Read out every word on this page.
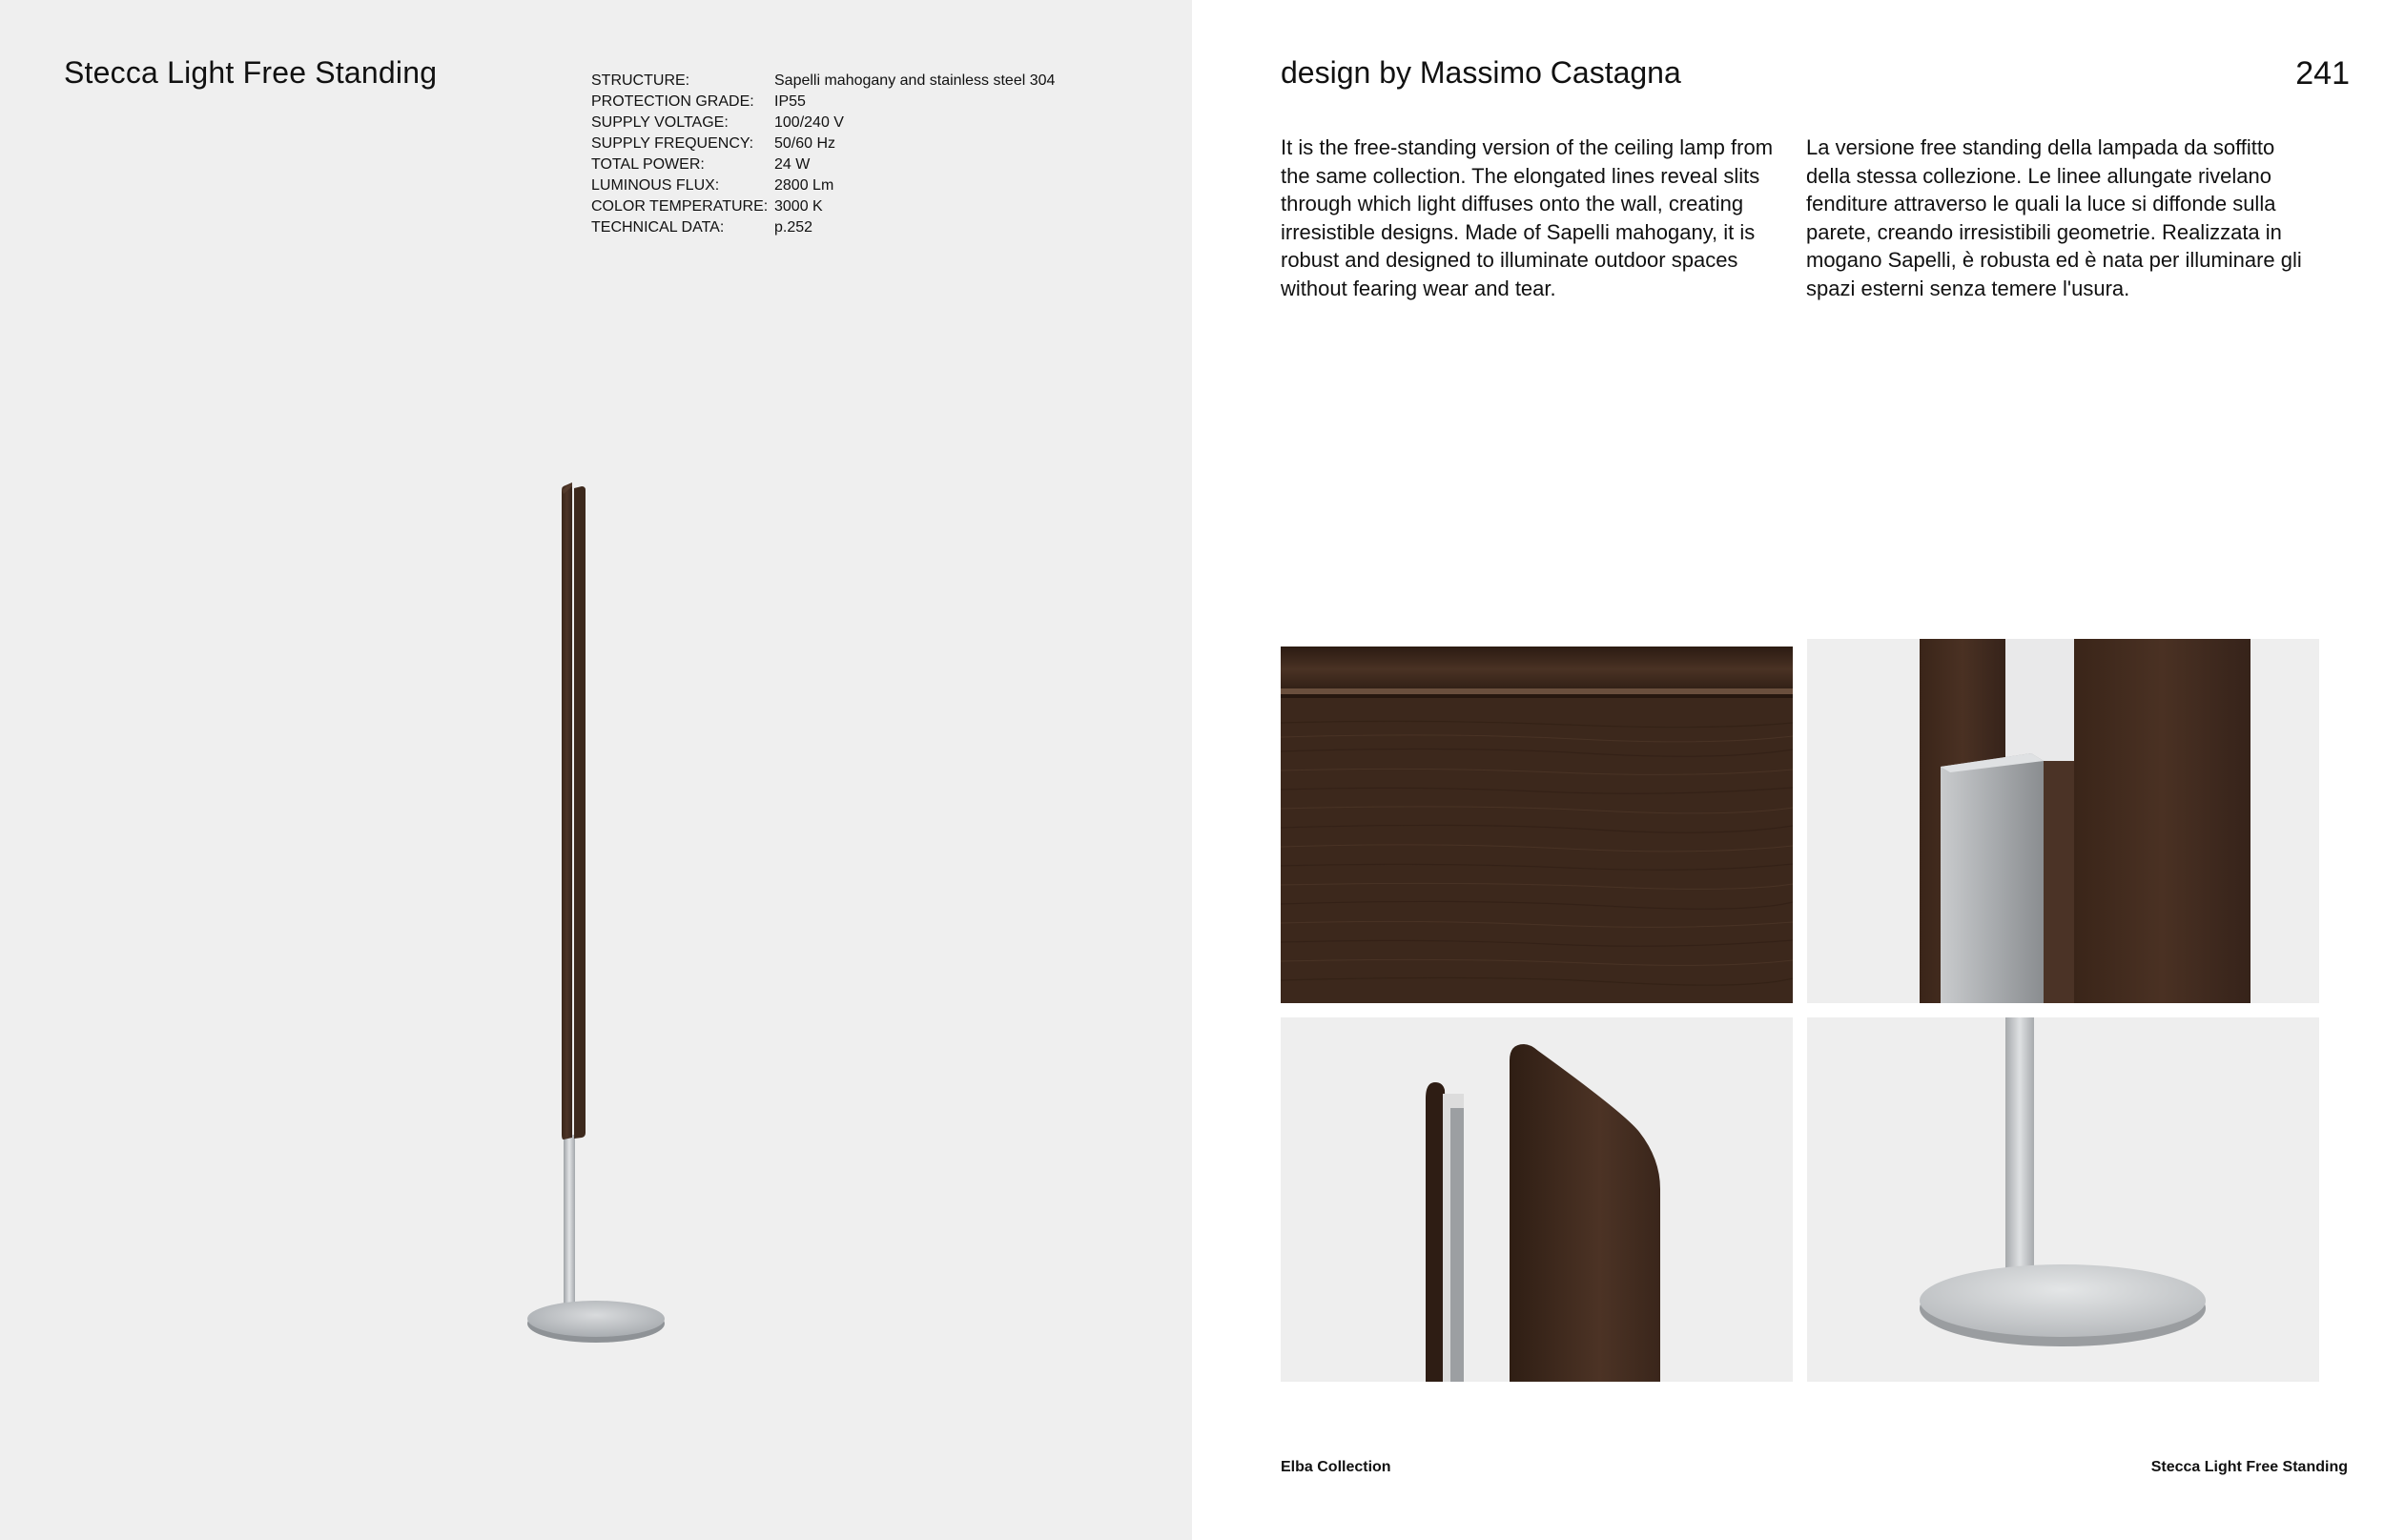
Stecca Light Free Standing	STRUCTURE:	Sapelli mahogany and stainless steel 304
PROTECTION GRADE:	IP55
SUPPLY VOLTAGE:	100/240 V
SUPPLY FREQUENCY:	50/60 Hz
TOTAL POWER:	24 W
LUMINOUS FLUX:	2800 Lm
COLOR TEMPERATURE: 3000 K
TECHNICAL DATA:	p.252
design by Massimo Castagna	241

It is the free-standing version of the ceiling lamp from the same collection. The elongated lines reveal slits through which light diffuses onto the wall, creating irresistible designs. Made of Sapelli mahogany, it is robust and designed to illuminate outdoor spaces without fearing wear and tear.

La versione free standing della lampada da soffitto della stessa collezione. Le linee allungate rivelano fenditure attraverso le quali la luce si diffonde sulla parete, creando irresistibili geometrie. Realizzata in mogano Sapelli, è robusta ed è nata per illuminare gli spazi esterni senza temere l'usura.

Elba Collection	Stecca Light Free Standing
